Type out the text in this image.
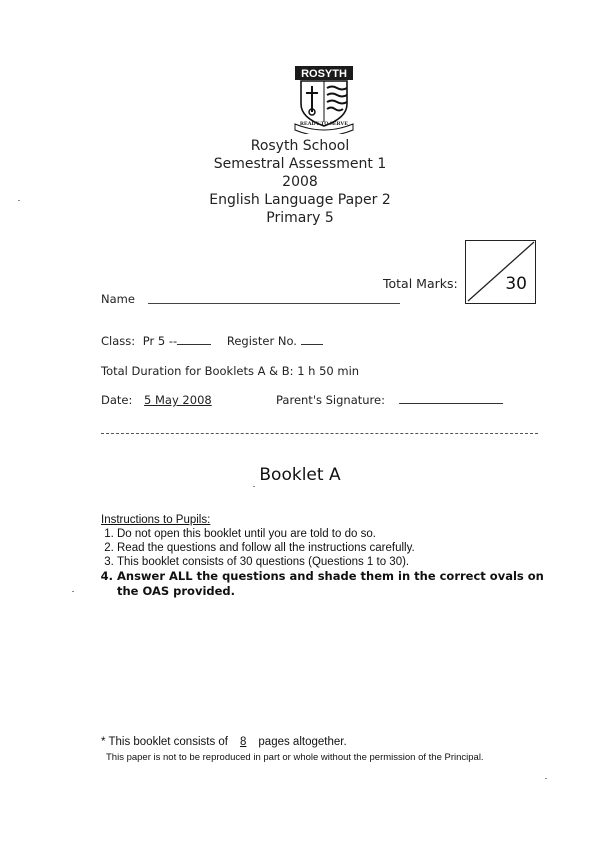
ROSYTH
READY TO SERVE
Rosyth School
Semestral Assessment 1
2008
English Language Paper 2
Primary 5
Total Marks:	30
Name
Class: Pr 5 --	Register No.
Total Duration for Booklets A & B: 1 h 50 min
Date: 5 May 2008	Parent's Signature:
Booklet A
Instructions to Pupils:
1. Do not open this booklet until you are told to do so.
2. Read the questions and follow all the instructions carefully.
3. This booklet consists of 30 questions (Questions 1 to 30).
4. Answer ALL the questions and shade them in the correct ovals on the OAS provided.
* This booklet consists of 8 pages altogether.
This paper is not to be reproduced in part or whole without the permission of the Principal.
